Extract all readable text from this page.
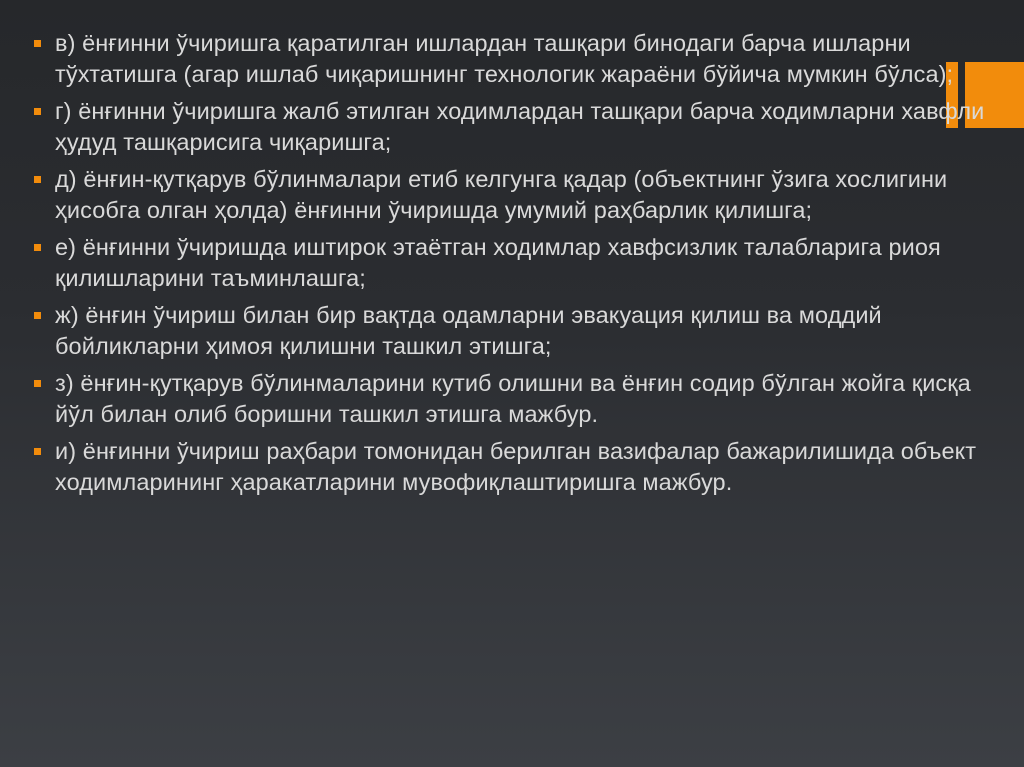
в) ёнғинни ўчиришга қаратилган ишлардан ташқари бинодаги барча ишларни тўхтатишга (агар ишлаб чиқаришнинг технологик жараёни бўйича мумкин бўлса);
г) ёнғинни ўчиришга жалб этилган ходимлардан ташқари барча ходимларни хавфли ҳудуд ташқарисига чиқаришга;
д) ёнғин-қутқарув бўлинмалари етиб келгунга қадар (объектнинг ўзига хослигини ҳисобга олган ҳолда) ёнғинни ўчиришда умумий раҳбарлик қилишга;
е) ёнғинни ўчиришда иштирок этаётган ходимлар хавфсизлик талабларига риоя қилишларини таъминлашга;
ж) ёнғин ўчириш билан бир вақтда одамларни эвакуация қилиш ва моддий бойликларни ҳимоя қилишни ташкил этишга;
з) ёнғин-қутқарув бўлинмаларини кутиб олишни ва ёнғин содир бўлган жойга қисқа йўл билан олиб боришни ташкил этишга мажбур.
и) ёнғинни ўчириш раҳбари томонидан берилган вазифалар бажарилишида объект ходимларининг ҳаракатларини мувофиқлаштиришга мажбур.
